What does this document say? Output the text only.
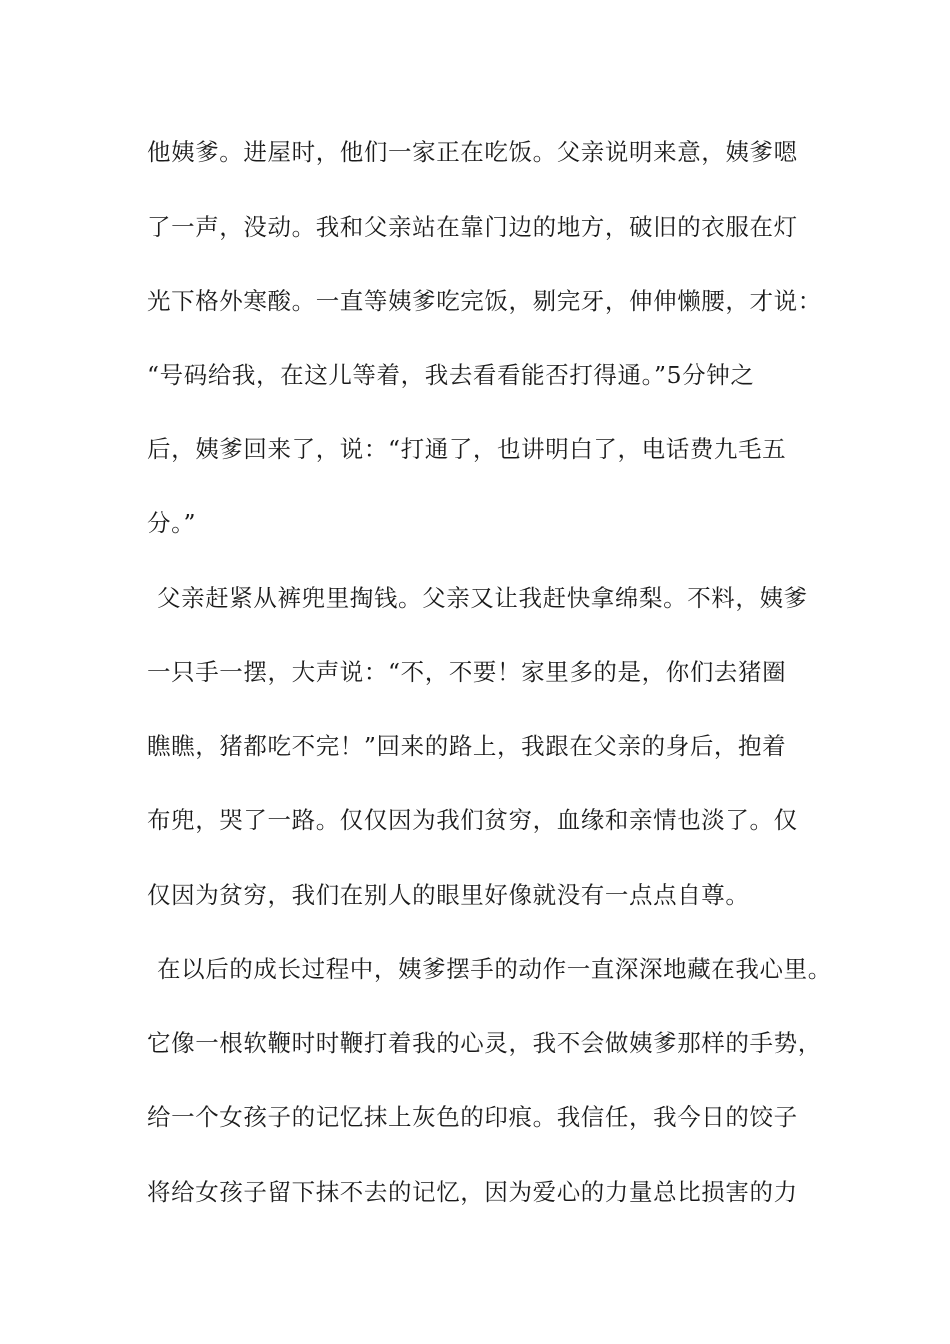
他姨爹。进屋时，他们一家正在吃饭。父亲说明来意，姨爹嗯
了一声，没动。我和父亲站在靠门边的地方，破旧的衣服在灯
光下格外寒酸。一直等姨爹吃完饭，剔完牙，伸伸懒腰，才说：
“号码给我，在这儿等着，我去看看能否打得通。”5分钟之
后，姨爹回来了，说：“打通了，也讲明白了，电话费九毛五
分。”
父亲赶紧从裤兜里掏钱。父亲又让我赶快拿绵梨。不料，姨爹
一只手一摆，大声说：“不，不要！家里多的是，你们去猪圈
瞧瞧，猪都吃不完！”回来的路上，我跟在父亲的身后，抱着
布兜，哭了一路。仅仅因为我们贫穷，血缘和亲情也淡了。仅
仅因为贫穷，我们在别人的眼里好像就没有一点点自尊。
在以后的成长过程中，姨爹摆手的动作一直深深地藏在我心里。
它像一根软鞭时时鞭打着我的心灵，我不会做姨爹那样的手势，
给一个女孩子的记忆抹上灰色的印痕。我信任，我今日的饺子
将给女孩子留下抹不去的记忆，因为爱心的力量总比损害的力
